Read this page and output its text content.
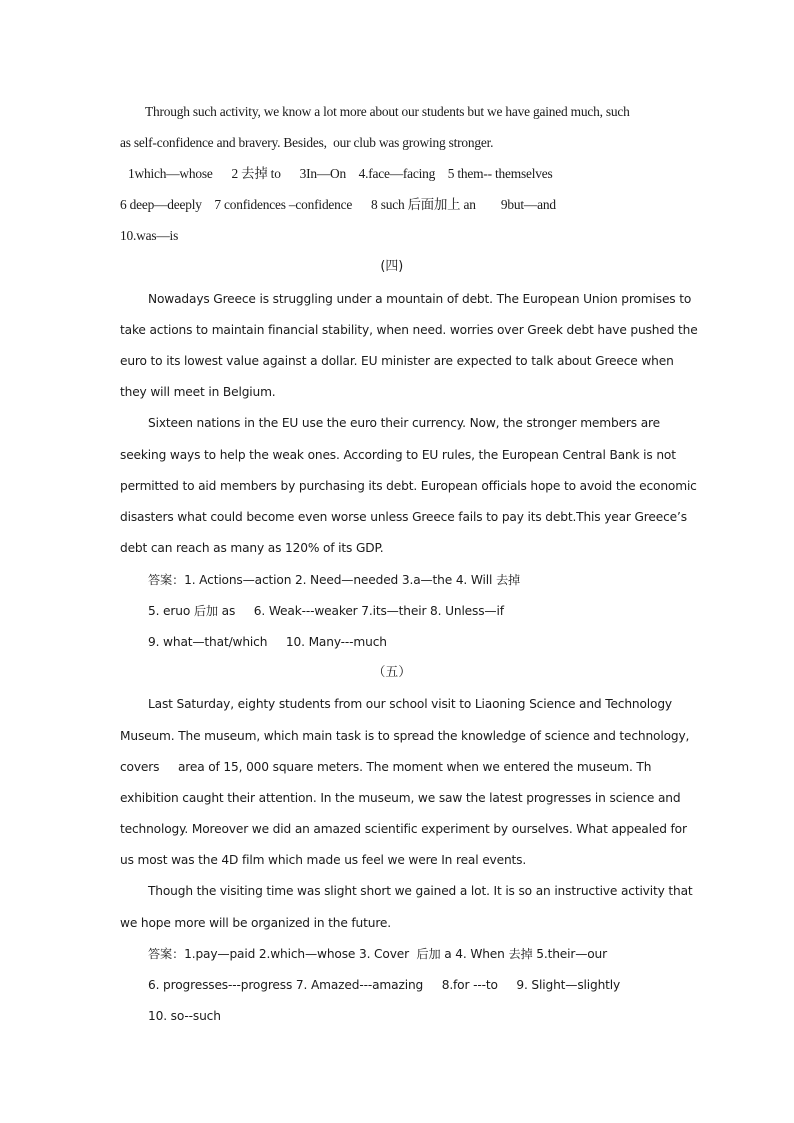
Through such activity, we know a lot more about our students but we have gained much, such
as self-confidence and bravery. Besides,  our club was growing stronger.
1which—whose      2 去掉 to      3In—On    4.face—facing    5 them-- themselves
6 deep—deeply    7 confidences –confidence      8 such 后面加上 an        9but—and
10.was—is
(四)
Nowadays Greece is struggling under a mountain of debt. The European Union promises to
take actions to maintain financial stability, when need. worries over Greek debt have pushed the
euro to its lowest value against a dollar. EU minister are expected to talk about Greece when
they will meet in Belgium.
Sixteen nations in the EU use the euro their currency. Now, the stronger members are
seeking ways to help the weak ones. According to EU rules, the European Central Bank is not
permitted to aid members by purchasing its debt. European officials hope to avoid the economic
disasters what could become even worse unless Greece fails to pay its debt.This year Greece’s
debt can reach as many as 120% of its GDP.
答案：1. Actions—action 2. Need—needed 3.a—the 4. Will 去掉
5. eruo 后加 as     6. Weak---weaker 7.its—their 8. Unless—if
9. what—that/which     10. Many---much
（五）
Last Saturday, eighty students from our school visit to Liaoning Science and Technology
Museum. The museum, which main task is to spread the knowledge of science and technology,
covers     area of 15, 000 square meters. The moment when we entered the museum. Th
exhibition caught their attention. In the museum, we saw the latest progresses in science and
technology. Moreover we did an amazed scientific experiment by ourselves. What appealed for
us most was the 4D film which made us feel we were In real events.
Though the visiting time was slight short we gained a lot. It is so an instructive activity that
we hope more will be organized in the future.
答案：1.pay—paid 2.which—whose 3. Cover  后加 a 4. When 去掉 5.their—our
6. progresses---progress 7. Amazed---amazing     8.for ---to     9. Slight—slightly
10. so--such
